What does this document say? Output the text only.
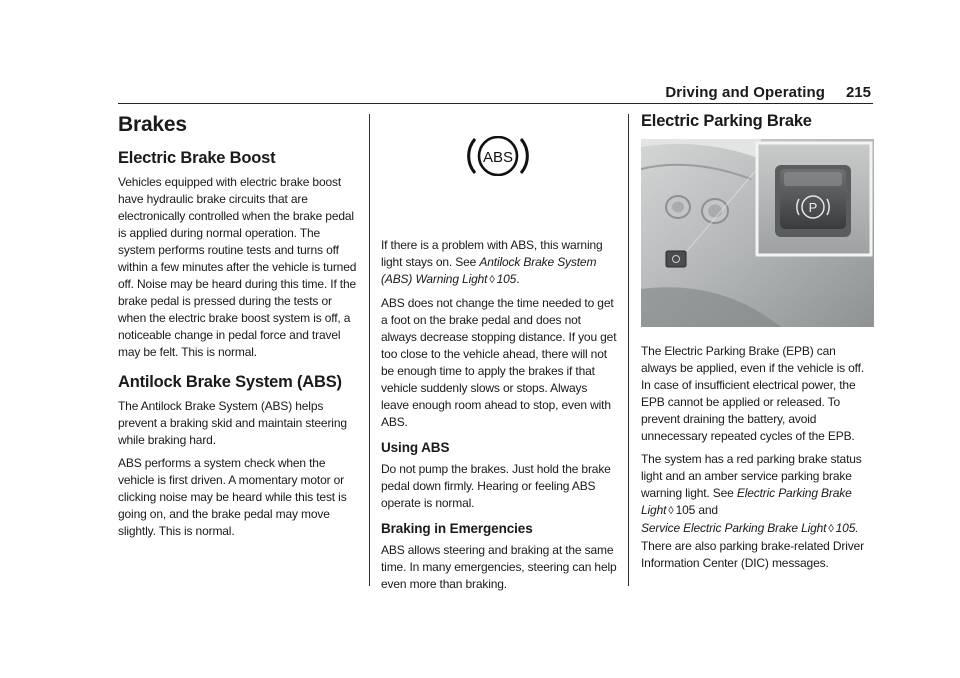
Driving and Operating 215
Brakes
Electric Brake Boost

Vehicles equipped with electric brake boost have hydraulic brake circuits that are electronically controlled when the brake pedal is applied during normal operation. The system performs routine tests and turns off within a few minutes after the vehicle is turned off. Noise may be heard during this time. If the brake pedal is pressed during the tests or when the electric brake boost system is off, a noticeable change in pedal force and travel may be felt. This is normal.

Antilock Brake System (ABS)

The Antilock Brake System (ABS) helps prevent a braking skid and maintain steering while braking hard.

ABS performs a system check when the vehicle is first driven. A momentary motor or clicking noise may be heard while this test is going on, and the brake pedal may move slightly. This is normal.

ABS

If there is a problem with ABS, this warning light stays on. See Antilock Brake System (ABS) Warning Light ◊ 105.

ABS does not change the time needed to get a foot on the brake pedal and does not always decrease stopping distance. If you get too close to the vehicle ahead, there will not be enough time to apply the brakes if that vehicle suddenly slows or stops. Always leave enough room ahead to stop, even with ABS.

Using ABS

Do not pump the brakes. Just hold the brake pedal down firmly. Hearing or feeling ABS operate is normal.

Braking in Emergencies

ABS allows steering and braking at the same time. In many emergencies, steering can help even more than braking.

Electric Parking Brake
P

The Electric Parking Brake (EPB) can always be applied, even if the vehicle is off. In case of insufficient electrical power, the EPB cannot be applied or released. To prevent draining the battery, avoid unnecessary repeated cycles of the EPB.

The system has a red parking brake status light and an amber service parking brake warning light. See Electric Parking Brake Light ◊ 105 and
Service Electric Parking Brake Light ◊ 105.
There are also parking brake-related Driver Information Center (DIC) messages.
